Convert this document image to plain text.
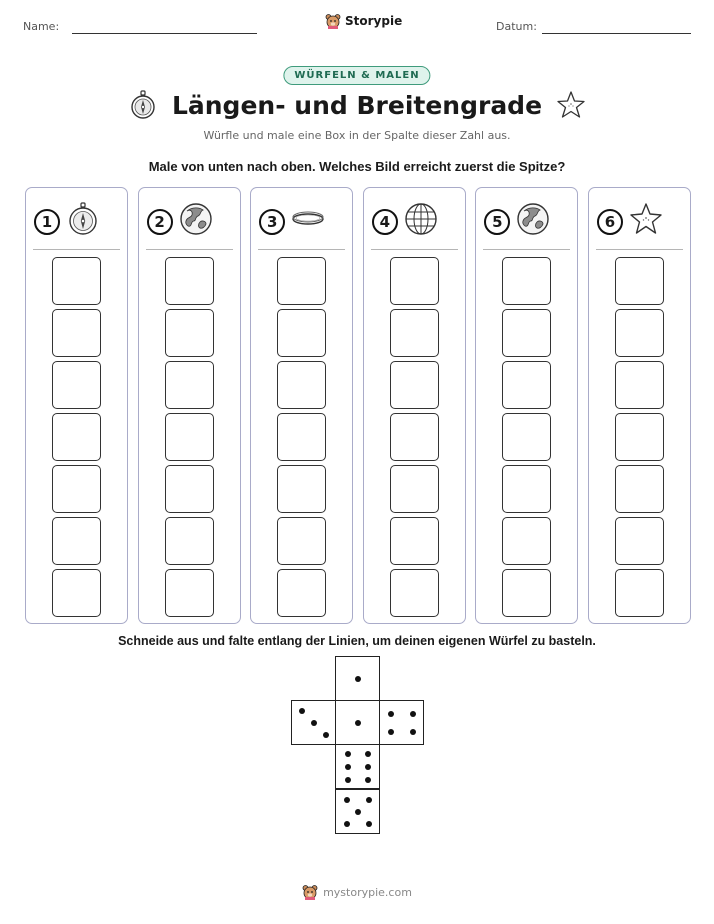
Name:	Storypie	Datum:
WÜRFELN & MALEN
Längen- und Breitengrade
Würfle und male eine Box in der Spalte dieser Zahl aus.
Male von unten nach oben. Welches Bild erreicht zuerst die Spitze?
1	2	3	4	5	6
Schneide aus und falte entlang der Linien, um deinen eigenen Würfel zu basteln.
mystorypie.com
